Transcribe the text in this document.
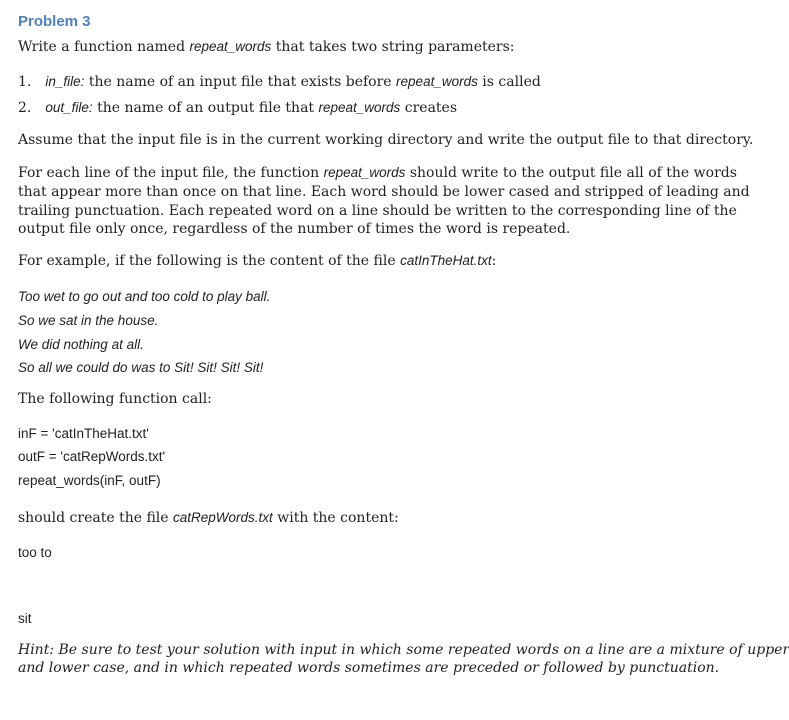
Problem 3
Write a function named repeat_words that takes two string parameters:
1. in_file: the name of an input file that exists before repeat_words is called
2. out_file: the name of an output file that repeat_words creates
Assume that the input file is in the current working directory and write the output file to that directory.
For each line of the input file, the function repeat_words should write to the output file all of the words
that appear more than once on that line. Each word should be lower cased and stripped of leading and
trailing punctuation. Each repeated word on a line should be written to the corresponding line of the
output file only once, regardless of the number of times the word is repeated.
For example, if the following is the content of the file catInTheHat.txt:
Too wet to go out and too cold to play ball.
So we sat in the house.
We did nothing at all.
So all we could do was to Sit! Sit! Sit! Sit!
The following function call:
inF = 'catInTheHat.txt'
outF = 'catRepWords.txt'
repeat_words(inF, outF)
should create the file catRepWords.txt with the content:
too to
sit
Hint: Be sure to test your solution with input in which some repeated words on a line are a mixture of upper
and lower case, and in which repeated words sometimes are preceded or followed by punctuation.
